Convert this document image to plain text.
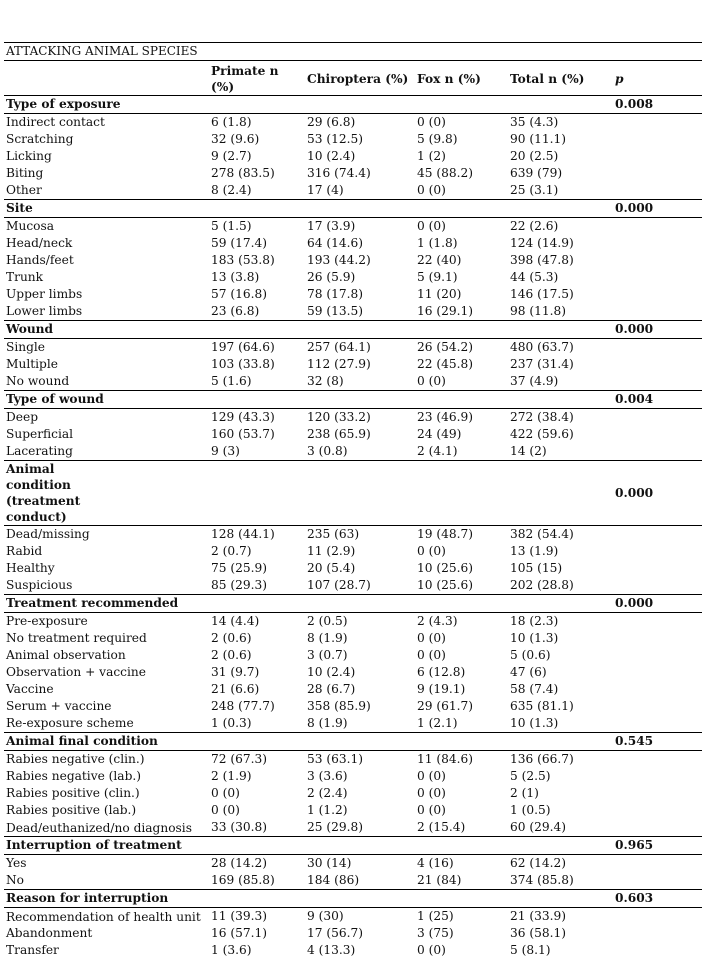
ATTACKING ANIMAL SPECIES					
	Primate n (%)	Chiroptera (%)	Fox n (%)	Total n (%)	p
Type of exposure					0.008
Indirect contact	6 (1.8)	29 (6.8)	0 (0)	35 (4.3)	
Scratching	32 (9.6)	53 (12.5)	5 (9.8)	90 (11.1)	
Licking	9 (2.7)	10 (2.4)	1 (2)	20 (2.5)	
Biting	278 (83.5)	316 (74.4)	45 (88.2)	639 (79)	
Other	8 (2.4)	17 (4)	0 (0)	25 (3.1)	
Site					0.000
Mucosa	5 (1.5)	17 (3.9)	0 (0)	22 (2.6)	
Head/neck	59 (17.4)	64 (14.6)	1 (1.8)	124 (14.9)	
Hands/feet	183 (53.8)	193 (44.2)	22 (40)	398 (47.8)	
Trunk	13 (3.8)	26 (5.9)	5 (9.1)	44 (5.3)	
Upper limbs	57 (16.8)	78 (17.8)	11 (20)	146 (17.5)	
Lower limbs	23 (6.8)	59 (13.5)	16 (29.1)	98 (11.8)	
Wound					0.000
Single	197 (64.6)	257 (64.1)	26 (54.2)	480 (63.7)	
Multiple	103 (33.8)	112 (27.9)	22 (45.8)	237 (31.4)	
No wound	5 (1.6)	32 (8)	0 (0)	37 (4.9)	
Type of wound					0.004
Deep	129 (43.3)	120 (33.2)	23 (46.9)	272 (38.4)	
Superficial	160 (53.7)	238 (65.9)	24 (49)	422 (59.6)	
Lacerating	9 (3)	3 (0.8)	2 (4.1)	14 (2)	
Animal condition (treatment conduct)					0.000
Dead/missing	128 (44.1)	235 (63)	19 (48.7)	382 (54.4)	
Rabid	2 (0.7)	11 (2.9)	0 (0)	13 (1.9)	
Healthy	75 (25.9)	20 (5.4)	10 (25.6)	105 (15)	
Suspicious	85 (29.3)	107 (28.7)	10 (25.6)	202 (28.8)	
Treatment recommended					0.000
Pre-exposure	14 (4.4)	2 (0.5)	2 (4.3)	18 (2.3)	
No treatment required	2 (0.6)	8 (1.9)	0 (0)	10 (1.3)	
Animal observation	2 (0.6)	3 (0.7)	0 (0)	5 (0.6)	
Observation + vaccine	31 (9.7)	10 (2.4)	6 (12.8)	47 (6)	
Vaccine	21 (6.6)	28 (6.7)	9 (19.1)	58 (7.4)	
Serum + vaccine	248 (77.7)	358 (85.9)	29 (61.7)	635 (81.1)	
Re-exposure scheme	1 (0.3)	8 (1.9)	1 (2.1)	10 (1.3)	
Animal final condition					0.545
Rabies negative (clin.)	72 (67.3)	53 (63.1)	11 (84.6)	136 (66.7)	
Rabies negative (lab.)	2 (1.9)	3 (3.6)	0 (0)	5 (2.5)	
Rabies positive (clin.)	0 (0)	2 (2.4)	0 (0)	2 (1)	
Rabies positive (lab.)	0 (0)	1 (1.2)	0 (0)	1 (0.5)	
Dead/euthanized/no diagnosis	33 (30.8)	25 (29.8)	2 (15.4)	60 (29.4)	
Interruption of treatment					0.965
Yes	28 (14.2)	30 (14)	4 (16)	62 (14.2)	
No	169 (85.8)	184 (86)	21 (84)	374 (85.8)	
Reason for interruption					0.603
Recommendation of health unit	11 (39.3)	9 (30)	1 (25)	21 (33.9)	
Abandonment	16 (57.1)	17 (56.7)	3 (75)	36 (58.1)	
Transfer	1 (3.6)	4 (13.3)	0 (0)	5 (8.1)	
